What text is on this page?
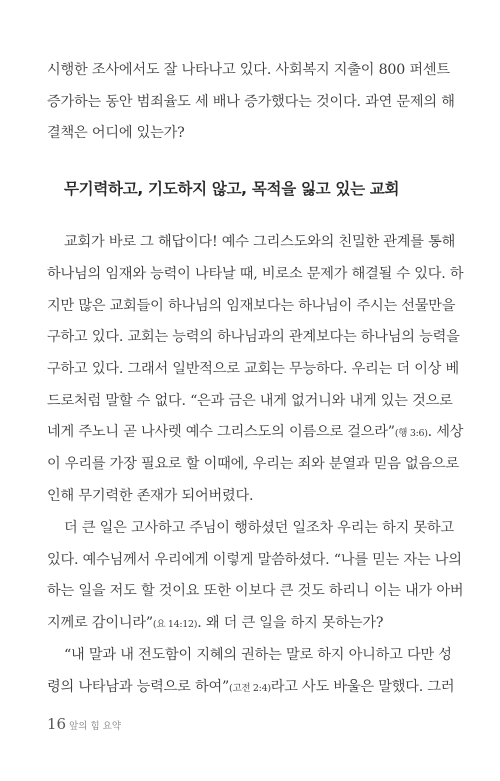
시행한 조사에서도 잘 나타나고 있다. 사회복지 지출이 800 퍼센트
증가하는 동안 범죄율도 세 배나 증가했다는 것이다. 과연 문제의 해
결책은 어디에 있는가?
무기력하고, 기도하지 않고, 목적을 잃고 있는 교회
교회가 바로 그 해답이다! 예수 그리스도와의 친밀한 관계를 통해
하나님의 임재와 능력이 나타날 때, 비로소 문제가 해결될 수 있다. 하
지만 많은 교회들이 하나님의 임재보다는 하나님이 주시는 선물만을
구하고 있다. 교회는 능력의 하나님과의 관계보다는 하나님의 능력을
구하고 있다. 그래서 일반적으로 교회는 무능하다. 우리는 더 이상 베
드로처럼 말할 수 없다. “은과 금은 내게 없거니와 내게 있는 것으로
네게 주노니 곧 나사렛 예수 그리스도의 이름으로 걸으라”(행 3:6). 세상
이 우리를 가장 필요로 할 이때에, 우리는 죄와 분열과 믿음 없음으로
인해 무기력한 존재가 되어버렸다.
더 큰 일은 고사하고 주님이 행하셨던 일조차 우리는 하지 못하고
있다. 예수님께서 우리에게 이렇게 말씀하셨다. “나를 믿는 자는 나의
하는 일을 저도 할 것이요 또한 이보다 큰 것도 하리니 이는 내가 아버
지께로 감이니라”(요 14:12). 왜 더 큰 일을 하지 못하는가?
“내 말과 내 전도함이 지혜의 권하는 말로 하지 아니하고 다만 성
령의 나타남과 능력으로 하여”(고전 2:4)라고 사도 바울은 말했다. 그러
16 앞의 힘 요약
